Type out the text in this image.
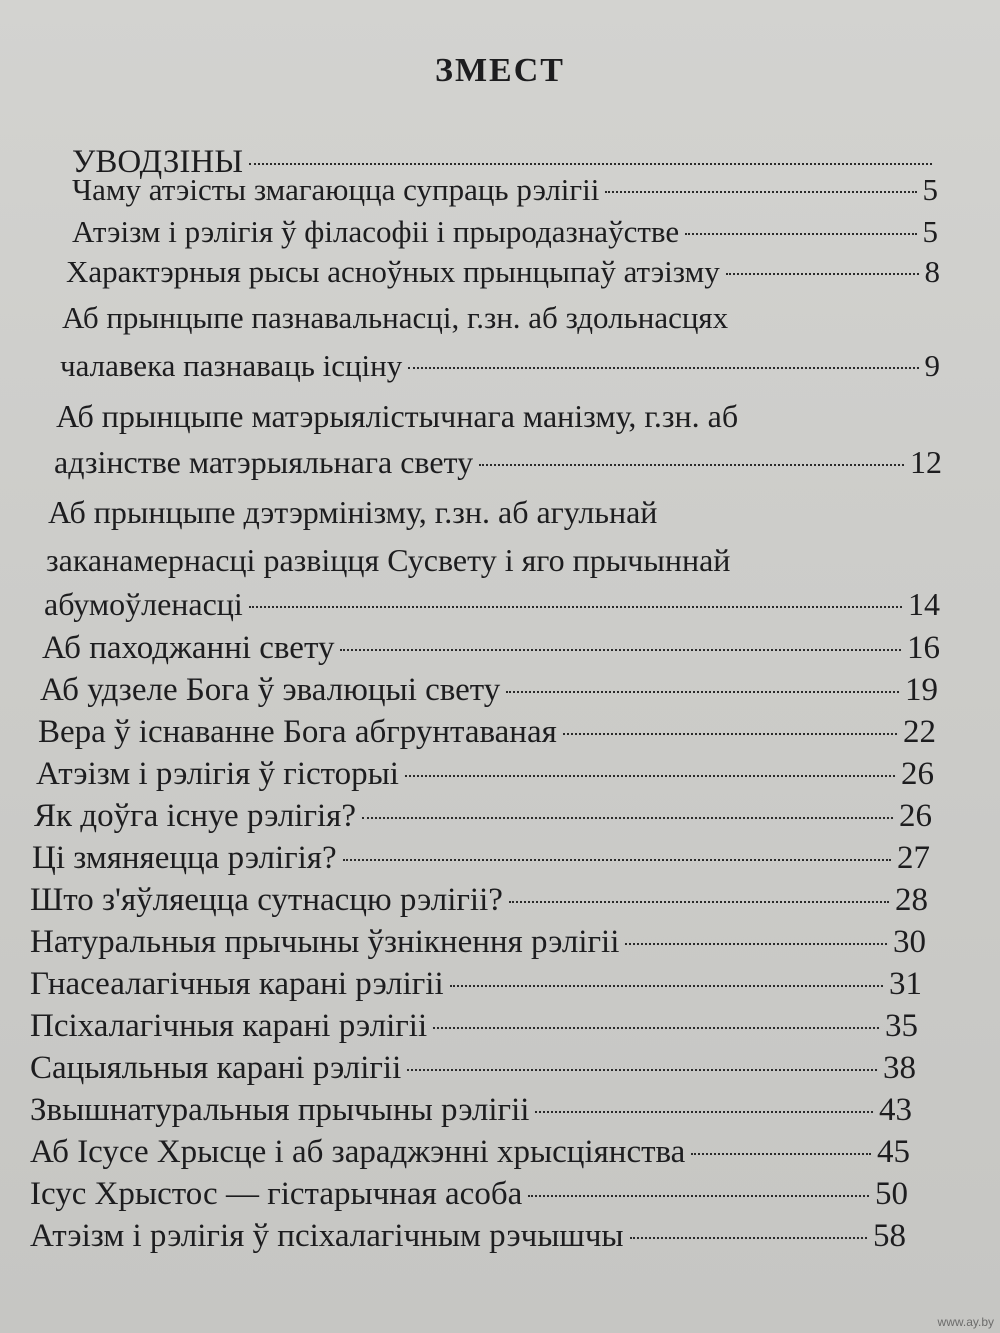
ЗМЕСТ
УВОДЗІНЫ
Чаму атэісты змагаюцца супраць рэлігіі	5
Атэізм і рэлігія ў філасофіі і прыродазнаўстве	5
Характэрныя рысы асноўных прынцыпаў атэізму	8
Аб прынцыпе пазнавальнасці, г.зн. аб здольнасцях
чалавека пазнаваць ісціну	9
Аб прынцыпе матэрыялістычнага манізму, г.зн. аб
адзінстве матэрыяльнага свету	12
Аб прынцыпе дэтэрмінізму, г.зн. аб агульнай
заканамернасці развіцця Сусвету і яго прычыннай
абумоўленасці	14
Аб паходжанні свету	16
Аб удзеле Бога ў эвалюцыі свету	19
Вера ў існаванне Бога абгрунтаваная	22
Атэізм і рэлігія ў гісторыі	26
Як доўга існуе рэлігія?	26
Ці змяняецца рэлігія?	27
Што з'яўляецца сутнасцю рэлігіі?	28
Натуральныя прычыны ўзнікнення рэлігіі	30
Гнасеалагічныя карані рэлігіі	31
Псіхалагічныя карані рэлігіі	35
Сацыяльныя карані рэлігіі	38
Звышнатуральныя прычыны рэлігіі	43
Аб Ісусе Хрысце і аб зараджэнні хрысціянства	45
Ісус Хрыстос — гістарычная асоба	50
Атэізм і рэлігія ў псіхалагічным рэчышчы	58
www.ay.by
